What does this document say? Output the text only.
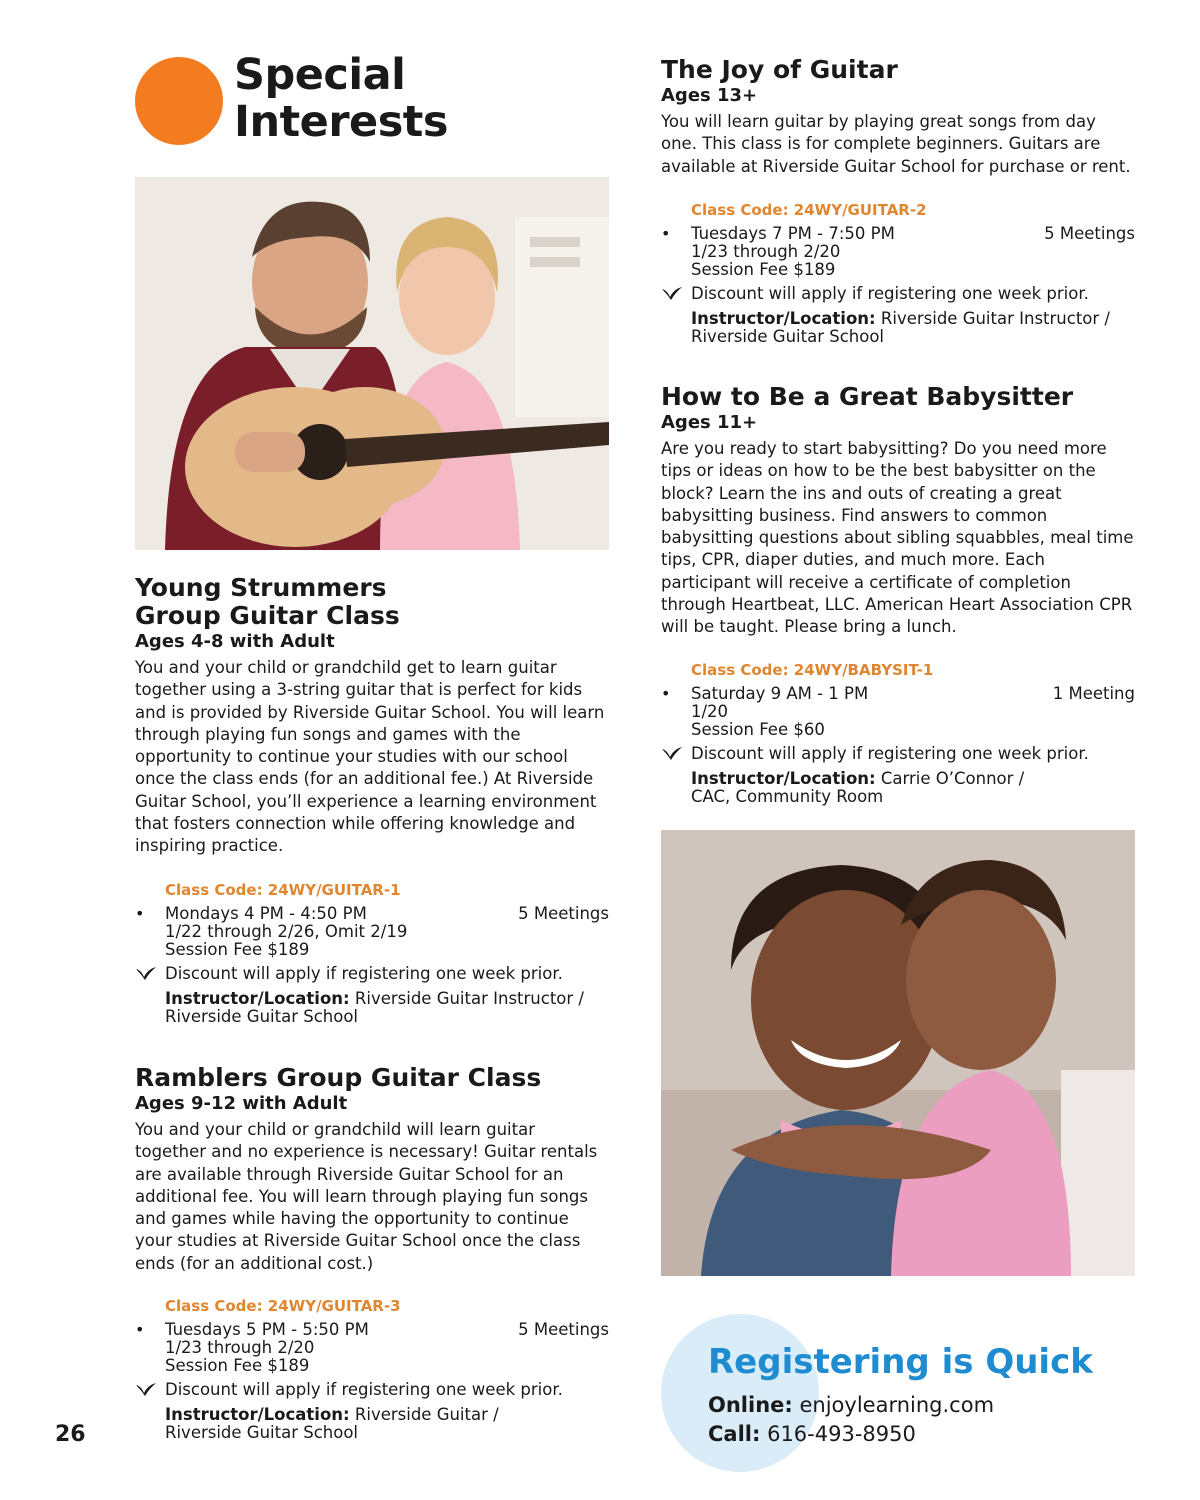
Special
Interests
Young Strummers
Group Guitar Class
Ages 4-8 with Adult
You and your child or grandchild get to learn guitar together using a 3-string guitar that is perfect for kids and is provided by Riverside Guitar School. You will learn through playing fun songs and games with the opportunity to continue your studies with our school once the class ends (for an additional fee.) At Riverside Guitar School, you’ll experience a learning environment that fosters connection while offering knowledge and inspiring practice.
Class Code: 24WY/GUITAR-1
• Mondays 4 PM - 4:50 PM	5 Meetings
1/22 through 2/26, Omit 2/19
Session Fee $189
Discount will apply if registering one week prior.
Instructor/Location: Riverside Guitar Instructor /
Riverside Guitar School
Ramblers Group Guitar Class
Ages 9-12 with Adult
You and your child or grandchild will learn guitar together and no experience is necessary! Guitar rentals are available through Riverside Guitar School for an additional fee. You will learn through playing fun songs and games while having the opportunity to continue your studies at Riverside Guitar School once the class ends (for an additional cost.)
Class Code: 24WY/GUITAR-3
• Tuesdays 5 PM - 5:50 PM	5 Meetings
1/23 through 2/20
Session Fee $189
Discount will apply if registering one week prior.
Instructor/Location: Riverside Guitar /
Riverside Guitar School
The Joy of Guitar
Ages 13+
You will learn guitar by playing great songs from day one. This class is for complete beginners. Guitars are available at Riverside Guitar School for purchase or rent.
Class Code: 24WY/GUITAR-2
• Tuesdays 7 PM - 7:50 PM	5 Meetings
1/23 through 2/20
Session Fee $189
Discount will apply if registering one week prior.
Instructor/Location: Riverside Guitar Instructor /
Riverside Guitar School
How to Be a Great Babysitter
Ages 11+
Are you ready to start babysitting? Do you need more tips or ideas on how to be the best babysitter on the block? Learn the ins and outs of creating a great babysitting business. Find answers to common babysitting questions about sibling squabbles, meal time tips, CPR, diaper duties, and much more. Each participant will receive a certificate of completion through Heartbeat, LLC. American Heart Association CPR will be taught. Please bring a lunch.
Class Code: 24WY/BABYSIT-1
• Saturday 9 AM - 1 PM	1 Meeting
1/20
Session Fee $60
Discount will apply if registering one week prior.
Instructor/Location: Carrie O’Connor /
CAC, Community Room
Registering is Quick
Online: enjoylearning.com
Call: 616-493-8950
26
